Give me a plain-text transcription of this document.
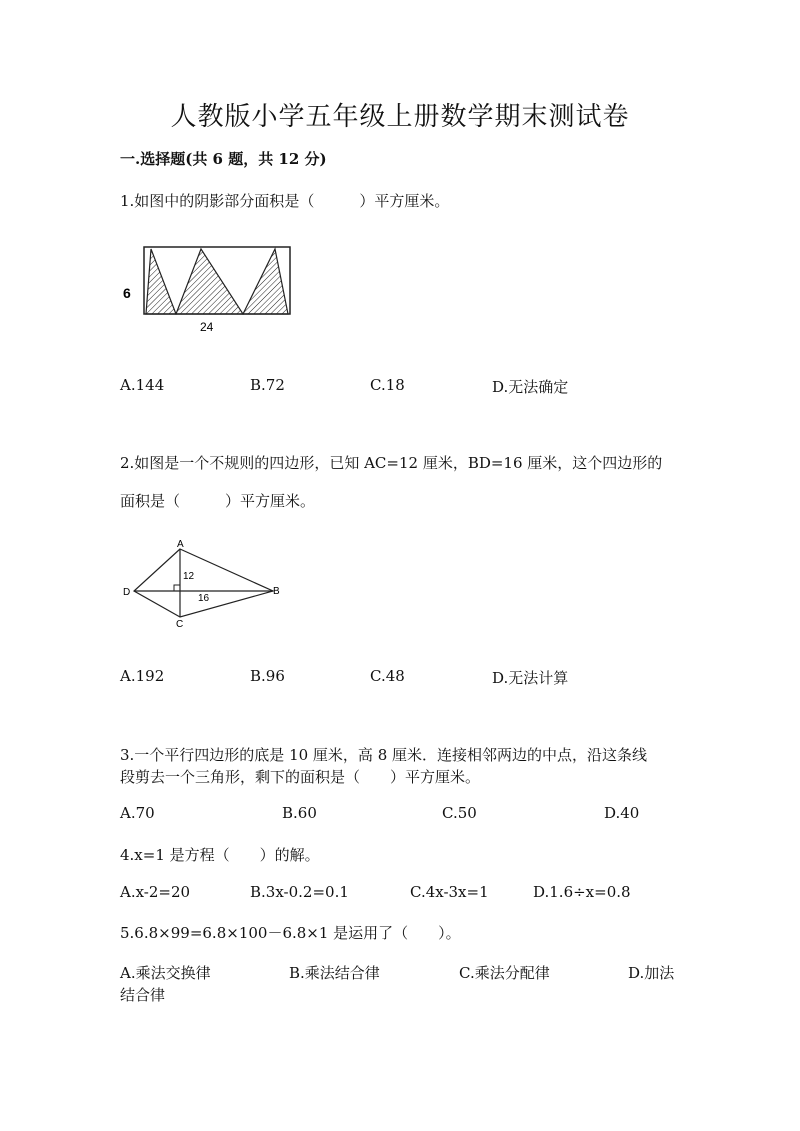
人教版小学五年级上册数学期末测试卷
一.选择题(共 6 题，共 12 分)
1.如图中的阴影部分面积是（　　　）平方厘米。
6
24
A.144	B.72	C.18	D.无法确定
2.如图是一个不规则的四边形，已知 AC=12 厘米，BD=16 厘米，这个四边形的
面积是（　　　）平方厘米。
A
B
C
D
12
16
A.192	B.96	C.48	D.无法计算
3.一个平行四边形的底是 10 厘米，高 8 厘米．连接相邻两边的中点，沿这条线
段剪去一个三角形，剩下的面积是（　　）平方厘米。
A.70	B.60	C.50	D.40
4.x=1 是方程（　　）的解。
A.x-2=20	B.3x-0.2=0.1	C.4x-3x=1	D.1.6÷x=0.8
5.6.8×99=6.8×100－6.8×1 是运用了（　　）。
A.乘法交换律	B.乘法结合律	C.乘法分配律	D.加法
结合律
